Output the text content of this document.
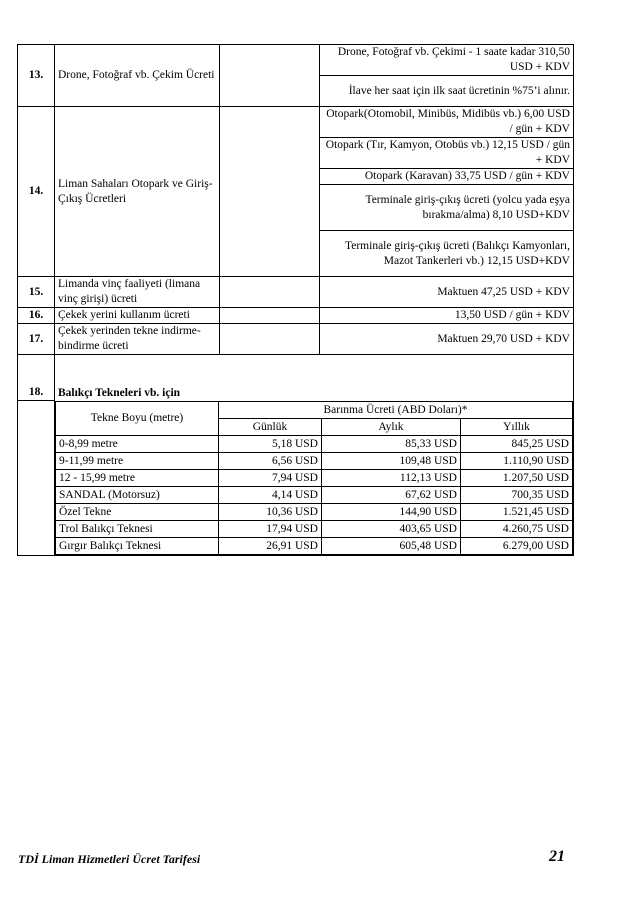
13.	Drone, Fotoğraf vb. Çekim Ücreti		Drone, Fotoğraf vb. Çekimi - 1 saate kadar 310,50 USD + KDV
İlave her saat için ilk saat ücretinin %75’i alınır.
14.	Liman Sahaları Otopark ve Giriş-Çıkış Ücretleri		Otopark(Otomobil, Minibüs, Midibüs vb.) 6,00 USD / gün + KDV
Otopark (Tır, Kamyon, Otobüs vb.) 12,15 USD / gün + KDV
Otopark (Karavan) 33,75 USD / gün + KDV
Terminale giriş-çıkış ücreti (yolcu yada eşya bırakma/alma) 8,10 USD+KDV
Terminale giriş-çıkış ücreti (Balıkçı Kamyonları, Mazot Tankerleri vb.) 12,15 USD+KDV
15.	Limanda vinç faaliyeti (limana vinç girişi) ücreti		Maktuen 47,25 USD + KDV
16.	Çekek yerini kullanım ücreti		13,50 USD / gün + KDV
17.	Çekek yerinden tekne indirme-bindirme ücreti		Maktuen 29,70 USD + KDV
18.	Balıkçı Tekneleri vb. için

Tekne Boyu (metre)	Barınma Ücreti (ABD Doları)*
Günlük	Aylık	Yıllık
0-8,99 metre	5,18 USD	85,33 USD	845,25 USD
9-11,99 metre	6,56 USD	109,48 USD	1.110,90 USD
12 - 15,99 metre	7,94 USD	112,13 USD	1.207,50 USD
SANDAL (Motorsuz)	4,14 USD	67,62 USD	700,35 USD
Özel Tekne	10,36 USD	144,90 USD	1.521,45 USD
Trol Balıkçı Teknesi	17,94 USD	403,65 USD	4.260,75 USD
Gırgır Balıkçı Teknesi	26,91 USD	605,48 USD	6.279,00 USD
TDİ Liman Hizmetleri Ücret Tarifesi	21
